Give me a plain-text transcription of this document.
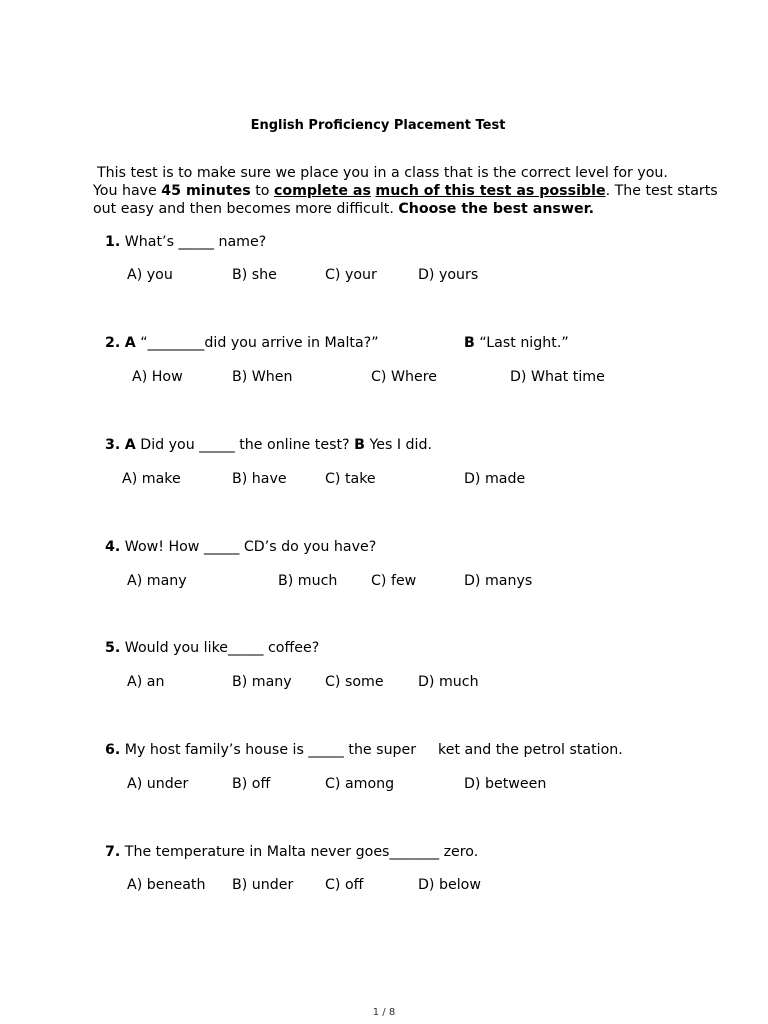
English Proficiency Placement Test
This test is to make sure we place you in a class that is the correct level for you.
You have 45 minutes to complete as much of this test as possible. The test starts
out easy and then becomes more difficult. Choose the best answer.
1. What’s _____ name?
A) you	B) she	C) your	D) yours
2. A “________did you arrive in Malta?”	B “Last night.”
A) How	B) When	C) Where	D) What time
3. A Did you _____ the online test? B Yes I did.
A) make	B) have	C) take	D) made
4. Wow! How _____ CD’s do you have?
A) many	B) much C) few	D) manys
5. Would you like_____ coffee?
A) an	B) many C) some D) much
6. My host family’s house is _____ the super ket and the petrol station.
A) under	B) off	C) among	D) between
7. The temperature in Malta never goes_______ zero.
A) beneath B) under C) off	D) below
1 / 8
